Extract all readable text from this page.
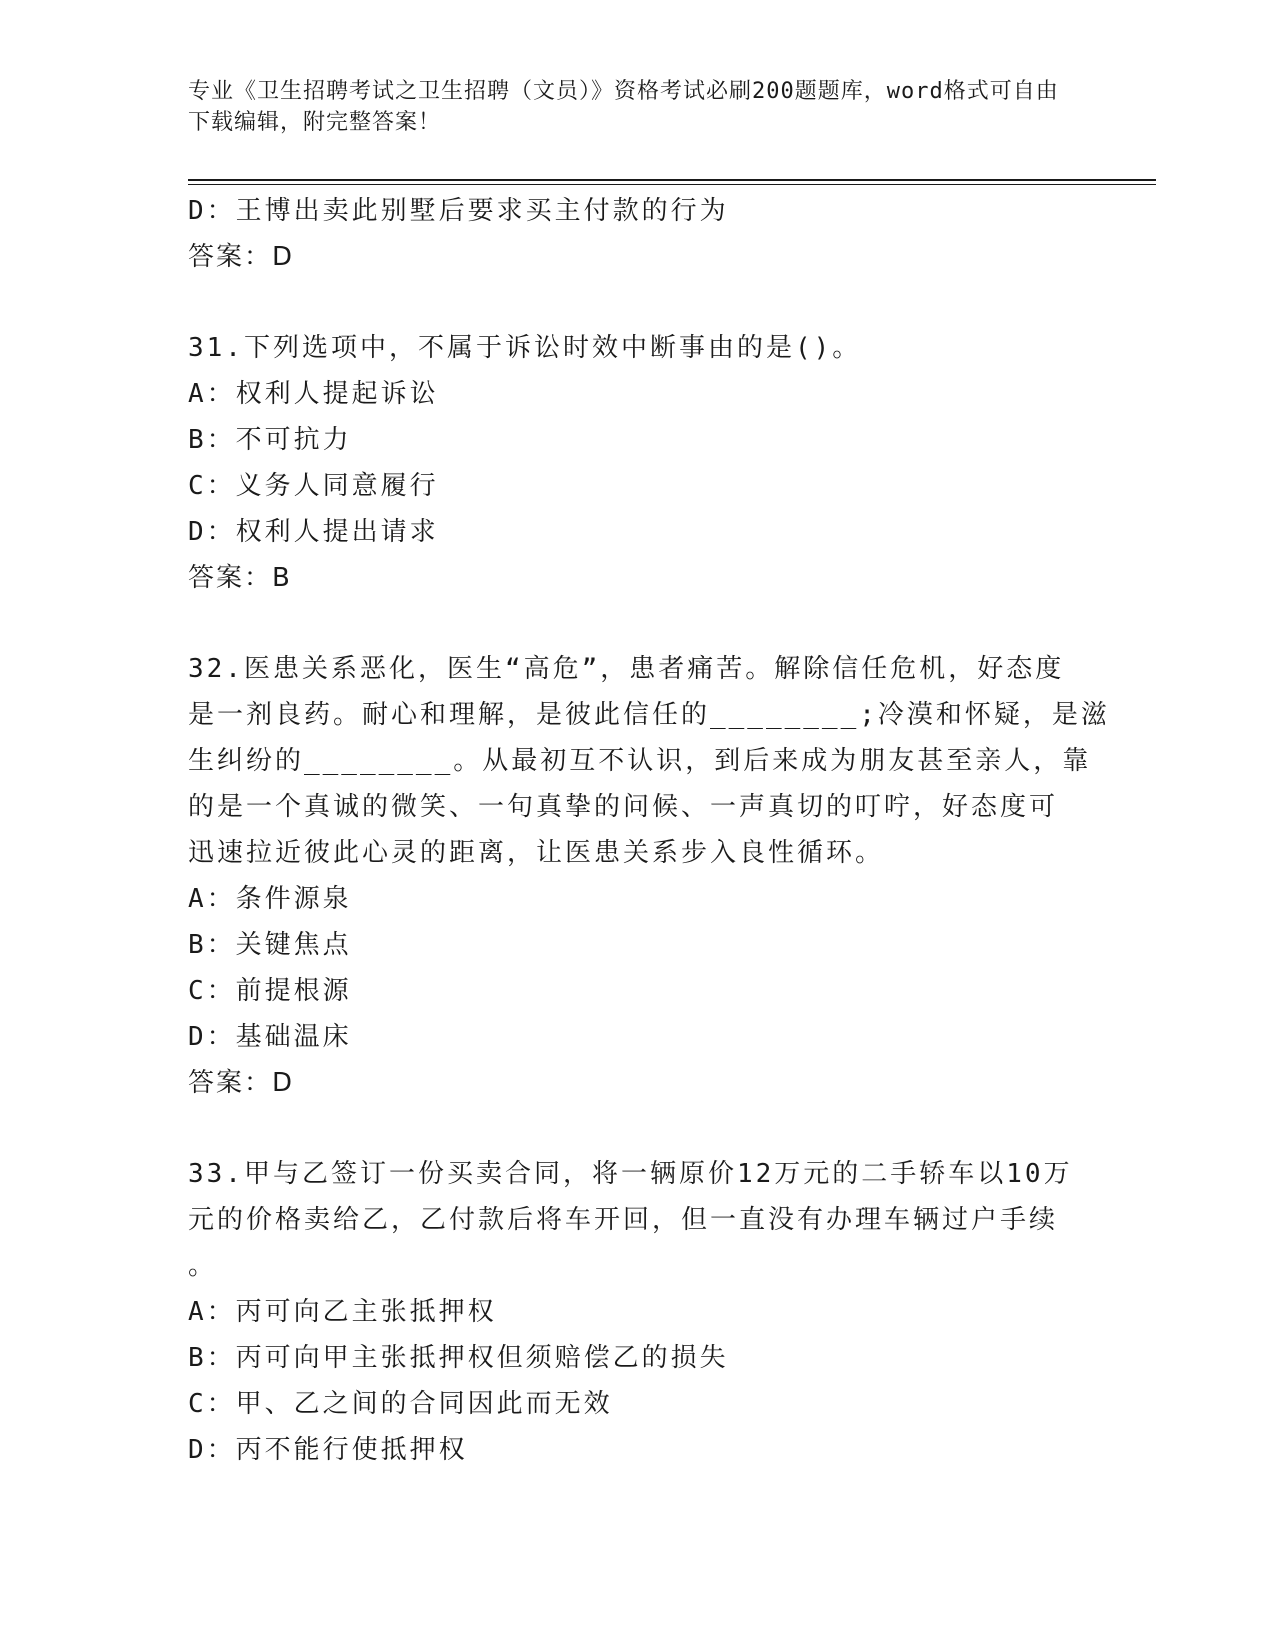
专业《卫生招聘考试之卫生招聘（文员）》资格考试必刷200题题库，word格式可自由下载编辑，附完整答案！
D：王博出卖此别墅后要求买主付款的行为
答案：D
31.下列选项中，不属于诉讼时效中断事由的是()。
A：权利人提起诉讼
B：不可抗力
C：义务人同意履行
D：权利人提出请求
答案：B
32.医患关系恶化，医生“高危”，患者痛苦。解除信任危机，好态度
是一剂良药。耐心和理解，是彼此信任的________;冷漠和怀疑，是滋
生纠纷的________。从最初互不认识，到后来成为朋友甚至亲人，靠
的是一个真诚的微笑、一句真挚的问候、一声真切的叮咛，好态度可
迅速拉近彼此心灵的距离，让医患关系步入良性循环。
A：条件源泉
B：关键焦点
C：前提根源
D：基础温床
答案：D
33.甲与乙签订一份买卖合同，将一辆原价12万元的二手轿车以10万
元的价格卖给乙，乙付款后将车开回，但一直没有办理车辆过户手续
。
A：丙可向乙主张抵押权
B：丙可向甲主张抵押权但须赔偿乙的损失
C：甲、乙之间的合同因此而无效
D：丙不能行使抵押权
